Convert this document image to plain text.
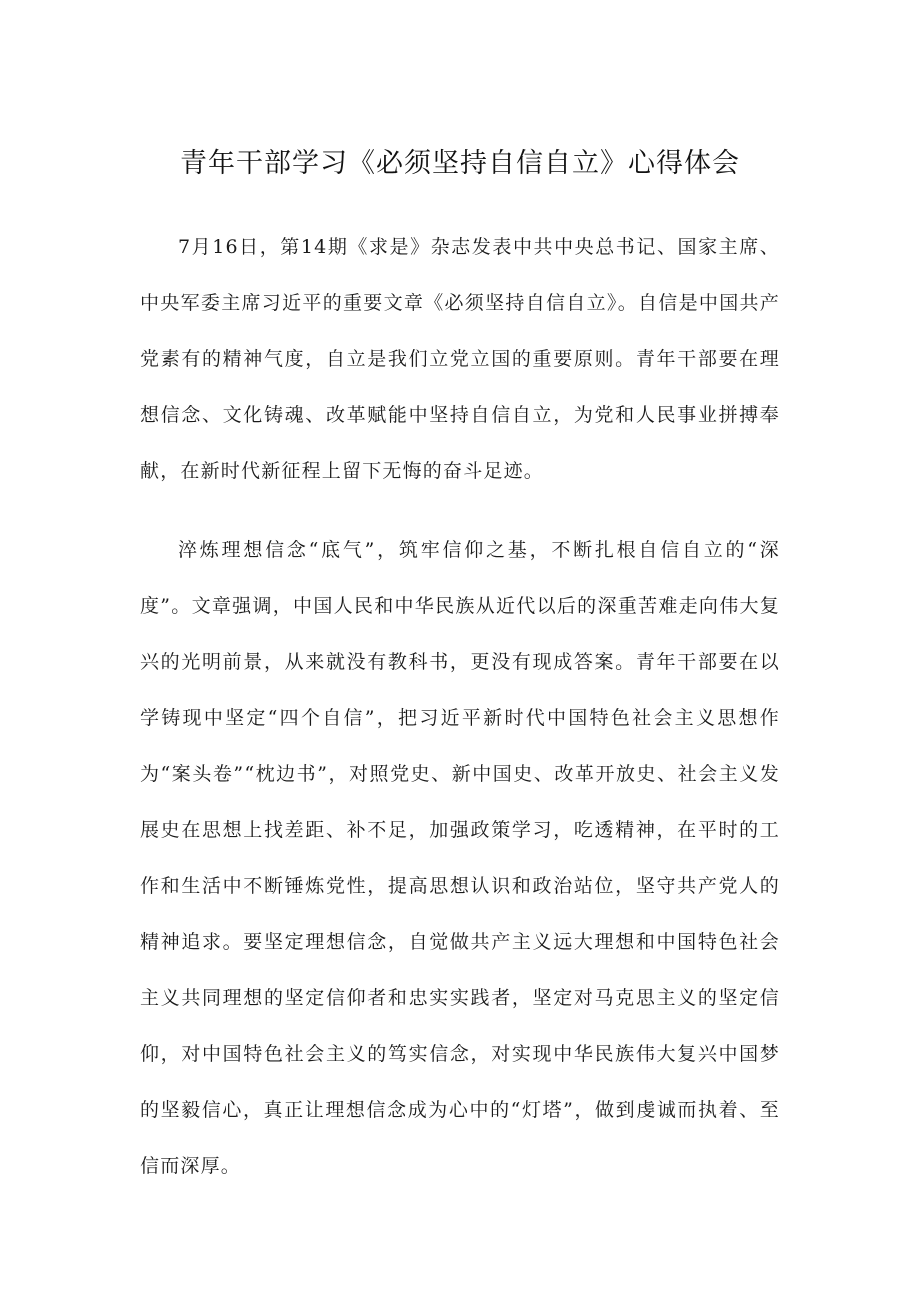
青年干部学习《必须坚持自信自立》心得体会

7月16日，第14期《求是》杂志发表中共中央总书记、国家主席、中央军委主席习近平的重要文章《必须坚持自信自立》。自信是中国共产党素有的精神气度，自立是我们立党立国的重要原则。青年干部要在理想信念、文化铸魂、改革赋能中坚持自信自立，为党和人民事业拼搏奉献，在新时代新征程上留下无悔的奋斗足迹。

淬炼理想信念“底气”，筑牢信仰之基，不断扎根自信自立的“深度”。文章强调，中国人民和中华民族从近代以后的深重苦难走向伟大复兴的光明前景，从来就没有教科书，更没有现成答案。青年干部要在以学铸现中坚定“四个自信”，把习近平新时代中国特色社会主义思想作为“案头卷”“枕边书”，对照党史、新中国史、改革开放史、社会主义发展史在思想上找差距、补不足，加强政策学习，吃透精神，在平时的工作和生活中不断锤炼党性，提高思想认识和政治站位，坚守共产党人的精神追求。要坚定理想信念，自觉做共产主义远大理想和中国特色社会主义共同理想的坚定信仰者和忠实实践者，坚定对马克思主义的坚定信仰，对中国特色社会主义的笃实信念，对实现中华民族伟大复兴中国梦的坚毅信心，真正让理想信念成为心中的“灯塔”，做到虔诚而执着、至信而深厚。
